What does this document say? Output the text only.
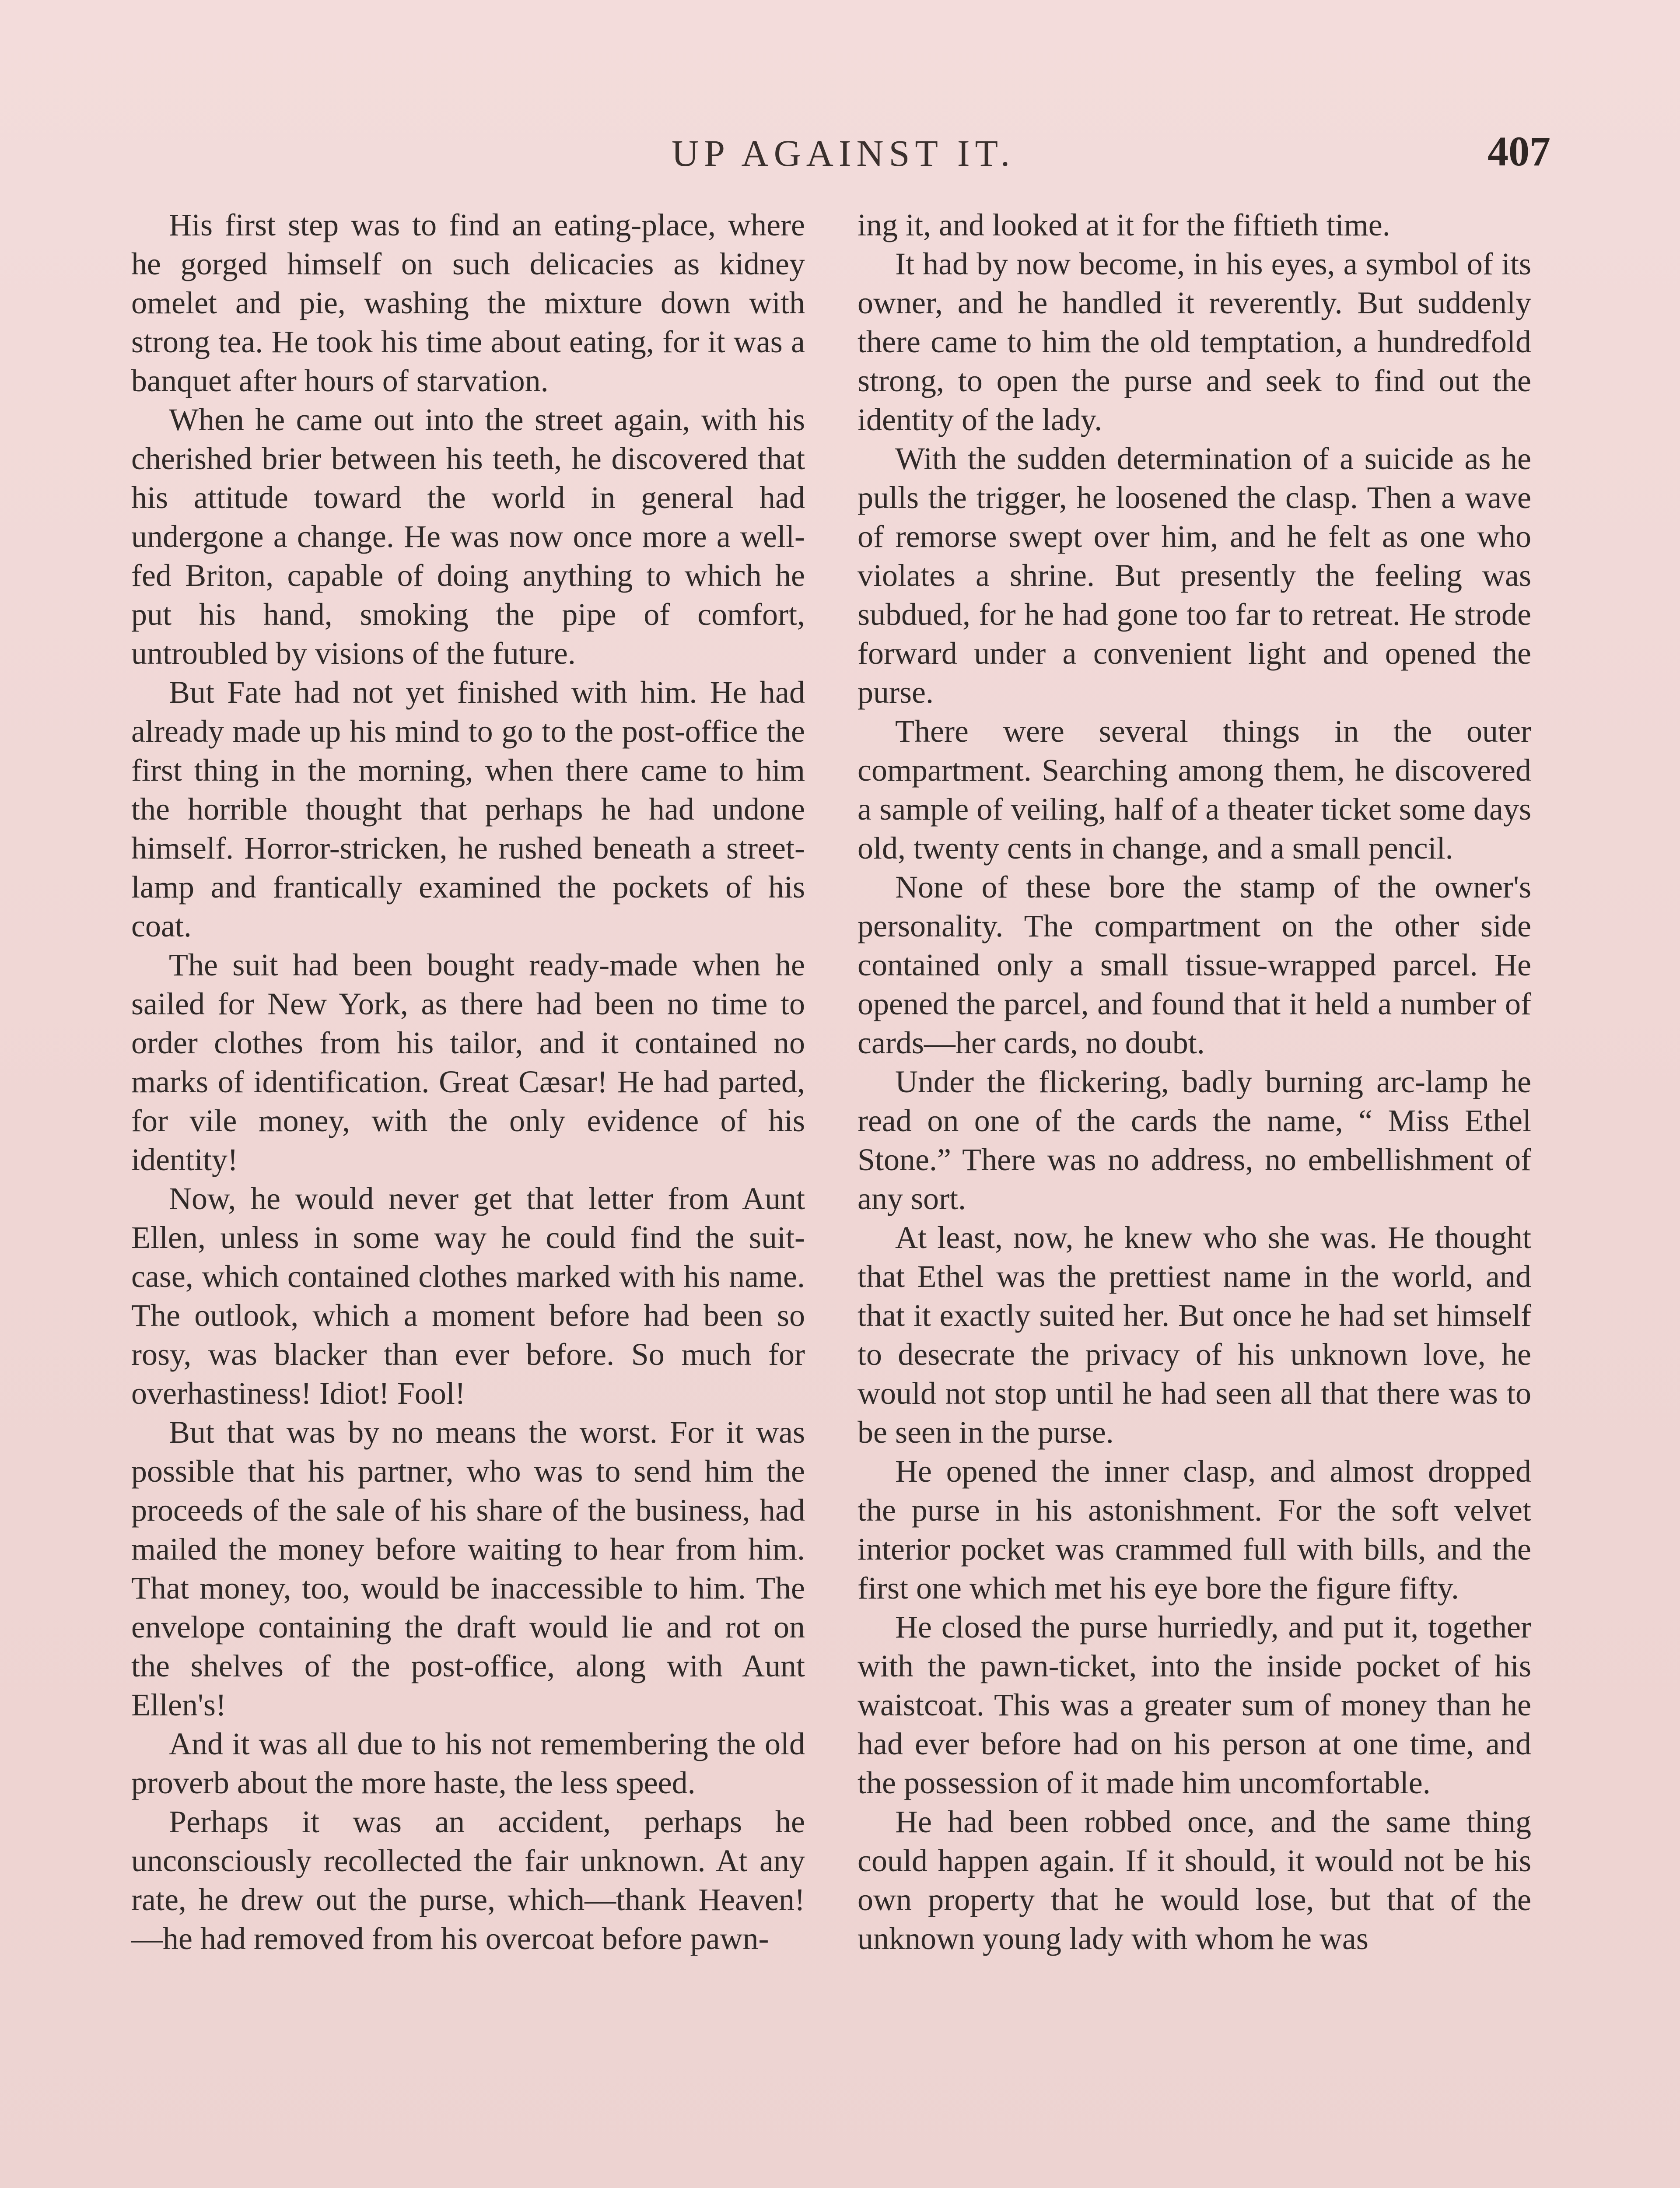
UP AGAINST IT.	407

His first step was to find an eating-place, where he gorged himself on such delicacies as kidney omelet and pie, washing the mixture down with strong tea. He took his time about eating, for it was a banquet after hours of starvation.

When he came out into the street again, with his cherished brier between his teeth, he discovered that his attitude toward the world in general had undergone a change. He was now once more a well-fed Briton, capable of doing anything to which he put his hand, smoking the pipe of comfort, untroubled by visions of the future.

But Fate had not yet finished with him. He had already made up his mind to go to the post-office the first thing in the morning, when there came to him the horrible thought that perhaps he had undone himself. Horror-stricken, he rushed beneath a street-lamp and frantically examined the pockets of his coat.

The suit had been bought ready-made when he sailed for New York, as there had been no time to order clothes from his tailor, and it contained no marks of identification. Great Cæsar! He had parted, for vile money, with the only evidence of his identity!

Now, he would never get that letter from Aunt Ellen, unless in some way he could find the suit-case, which contained clothes marked with his name. The outlook, which a moment before had been so rosy, was blacker than ever before. So much for overhastiness! Idiot! Fool!

But that was by no means the worst. For it was possible that his partner, who was to send him the proceeds of the sale of his share of the business, had mailed the money before waiting to hear from him. That money, too, would be inaccessible to him. The envelope containing the draft would lie and rot on the shelves of the post-office, along with Aunt Ellen's!

And it was all due to his not remembering the old proverb about the more haste, the less speed.

Perhaps it was an accident, perhaps he unconsciously recollected the fair unknown. At any rate, he drew out the purse, which—thank Heaven!—he had removed from his overcoat before pawn-

ing it, and looked at it for the fiftieth time.

It had by now become, in his eyes, a symbol of its owner, and he handled it reverently. But suddenly there came to him the old temptation, a hundredfold strong, to open the purse and seek to find out the identity of the lady.

With the sudden determination of a suicide as he pulls the trigger, he loosened the clasp. Then a wave of remorse swept over him, and he felt as one who violates a shrine. But presently the feeling was subdued, for he had gone too far to retreat. He strode forward under a convenient light and opened the purse.

There were several things in the outer compartment. Searching among them, he discovered a sample of veiling, half of a theater ticket some days old, twenty cents in change, and a small pencil.

None of these bore the stamp of the owner's personality. The compartment on the other side contained only a small tissue-wrapped parcel. He opened the parcel, and found that it held a number of cards—her cards, no doubt.

Under the flickering, badly burning arc-lamp he read on one of the cards the name, “ Miss Ethel Stone.” There was no address, no embellishment of any sort.

At least, now, he knew who she was. He thought that Ethel was the prettiest name in the world, and that it exactly suited her. But once he had set himself to desecrate the privacy of his unknown love, he would not stop until he had seen all that there was to be seen in the purse.

He opened the inner clasp, and almost dropped the purse in his astonishment. For the soft velvet interior pocket was crammed full with bills, and the first one which met his eye bore the figure fifty.

He closed the purse hurriedly, and put it, together with the pawn-ticket, into the inside pocket of his waistcoat. This was a greater sum of money than he had ever before had on his person at one time, and the possession of it made him uncomfortable.

He had been robbed once, and the same thing could happen again. If it should, it would not be his own property that he would lose, but that of the unknown young lady with whom he was
